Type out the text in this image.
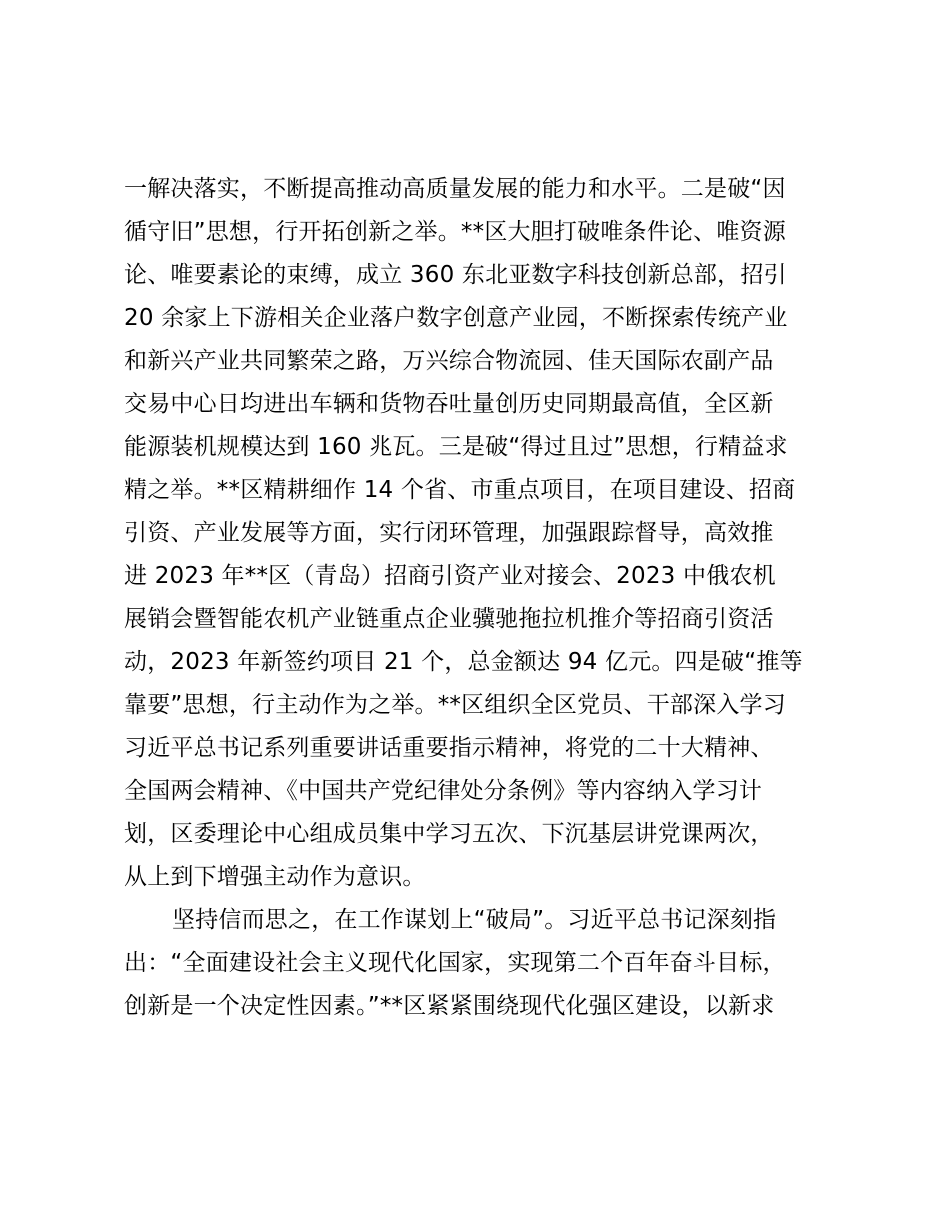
一解决落实，不断提高推动高质量发展的能力和水平。二是破“因
循守旧”思想，行开拓创新之举。**区大胆打破唯条件论、唯资源
论、唯要素论的束缚，成立 360 东北亚数字科技创新总部，招引
20 余家上下游相关企业落户数字创意产业园，不断探索传统产业
和新兴产业共同繁荣之路，万兴综合物流园、佳天国际农副产品
交易中心日均进出车辆和货物吞吐量创历史同期最高值，全区新
能源装机规模达到 160 兆瓦。三是破“得过且过”思想，行精益求
精之举。**区精耕细作 14 个省、市重点项目，在项目建设、招商
引资、产业发展等方面，实行闭环管理，加强跟踪督导，高效推
进 2023 年**区（青岛）招商引资产业对接会、2023 中俄农机
展销会暨智能农机产业链重点企业骥驰拖拉机推介等招商引资活
动，2023 年新签约项目 21 个，总金额达 94 亿元。四是破“推等
靠要”思想，行主动作为之举。**区组织全区党员、干部深入学习
习近平总书记系列重要讲话重要指示精神，将党的二十大精神、
全国两会精神、《中国共产党纪律处分条例》等内容纳入学习计
划，区委理论中心组成员集中学习五次、下沉基层讲党课两次，
从上到下增强主动作为意识。
坚持信而思之，在工作谋划上“破局”。习近平总书记深刻指
出：“全面建设社会主义现代化国家，实现第二个百年奋斗目标，
创新是一个决定性因素。”**区紧紧围绕现代化强区建设，以新求
